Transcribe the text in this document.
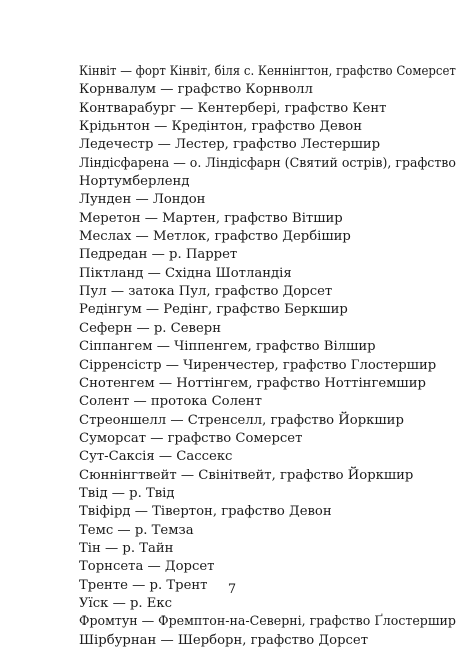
Кінвіт — форт Кінвіт, біля с. Кеннінгтон, графство Сомерсет
Корнвалум — графство Корнволл
Контварабург — Кентербері, графство Кент
Крідьнтон — Кредінтон, графство Девон
Ледечестр — Лестер, графство Лестершир
Ліндісфарена — о. Ліндісфарн (Святий острів), графство
Нортумберленд
Лунден — Лондон
Меретон — Мартен, графство Вітшир
Меслах — Метлок, графство Дербішир
Педредан — р. Паррет
Піктланд — Східна Шотландія
Пул — затока Пул, графство Дорсет
Редінгум — Редінг, графство Беркшир
Сеферн — р. Северн
Сіппангем — Чіппенгем, графство Вілшир
Сірренсістр — Чиренчестер, графство Глостершир
Снотенгем — Ноттінгем, графство Ноттінгемшир
Солент — протока Солент
Стреоншелл — Стренселл, графство Йоркшир
Суморсат — графство Сомерсет
Сут-Саксія — Сассекс
Сюннінгтвейт — Свінітвейт, графство Йоркшир
Твід — р. Твід
Твіфірд — Тівертон, графство Девон
Темс — р. Темза
Тін — р. Тайн
Торнсета — Дорсет
Тренте — р. Трент
Уїск — р. Екс
Фромтун — Фремптон-на-Северні, графство Ґлостершир
Шірбурнан — Шерборн, графство Дорсет
7
